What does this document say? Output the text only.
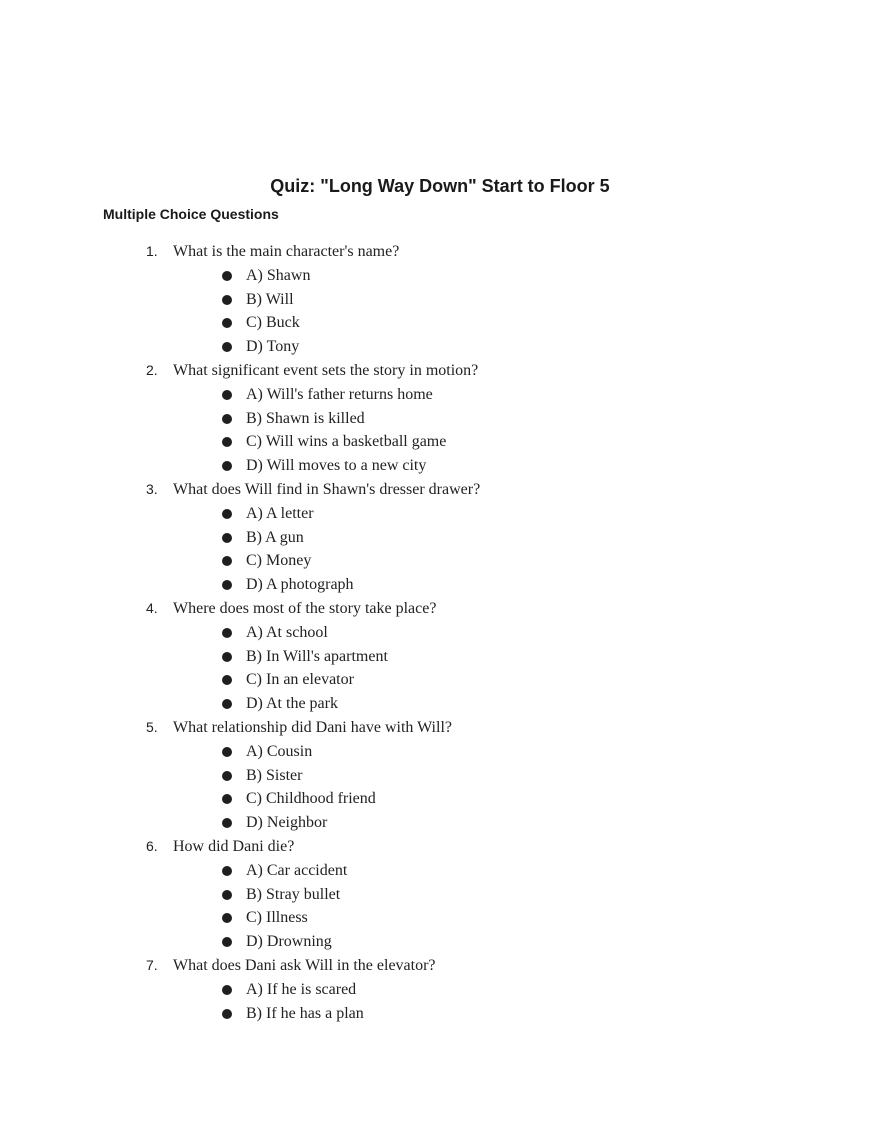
Quiz: "Long Way Down" Start to Floor 5
Multiple Choice Questions
1. What is the main character's name?
A) Shawn
B) Will
C) Buck
D) Tony
2. What significant event sets the story in motion?
A) Will's father returns home
B) Shawn is killed
C) Will wins a basketball game
D) Will moves to a new city
3. What does Will find in Shawn's dresser drawer?
A) A letter
B) A gun
C) Money
D) A photograph
4. Where does most of the story take place?
A) At school
B) In Will's apartment
C) In an elevator
D) At the park
5. What relationship did Dani have with Will?
A) Cousin
B) Sister
C) Childhood friend
D) Neighbor
6. How did Dani die?
A) Car accident
B) Stray bullet
C) Illness
D) Drowning
7. What does Dani ask Will in the elevator?
A) If he is scared
B) If he has a plan
